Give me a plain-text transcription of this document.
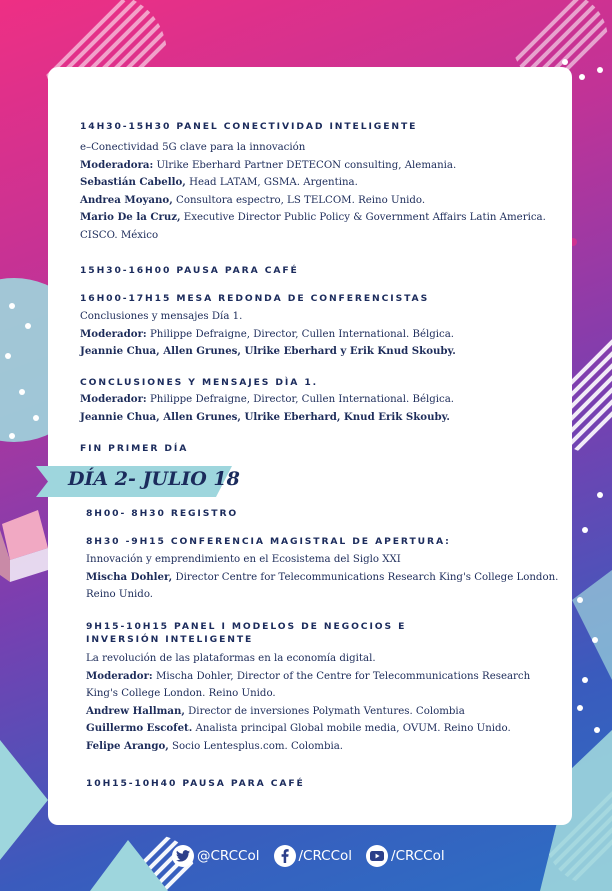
14H30-15H30 PANEL CONECTIVIDAD INTELIGENTE
e–Conectividad 5G clave para la innovación
Moderadora: Ulrike Eberhard Partner DETECON consulting, Alemania.
Sebastián Cabello, Head LATAM, GSMA. Argentina.
Andrea Moyano, Consultora espectro, LS TELCOM. Reino Unido.
Mario De la Cruz, Executive Director Public Policy & Government Affairs Latin America.
CISCO. México
15H30-16H00 PAUSA PARA CAFÉ
16H00-17H15 MESA REDONDA DE CONFERENCISTAS
Conclusiones y mensajes Día 1.
Moderador: Philippe Defraigne, Director, Cullen International. Bélgica.
Jeannie Chua, Allen Grunes, Ulrike Eberhard y Erik Knud Skouby.
CONCLUSIONES Y MENSAJES DÌA 1.
Moderador: Philippe Defraigne, Director, Cullen International. Bélgica.
Jeannie Chua, Allen Grunes, Ulrike Eberhard, Knud Erik Skouby.
FIN PRIMER DÍA
DÍA 2- JULIO 18
8H00- 8H30 REGISTRO
8H30 -9H15 CONFERENCIA MAGISTRAL DE APERTURA:
Innovación y emprendimiento en el Ecosistema del Siglo XXI
Mischa Dohler, Director Centre for Telecommunications Research King's College London.
Reino Unido.
9H15-10H15 PANEL I MODELOS DE NEGOCIOS E
INVERSIÓN INTELIGENTE
La revolución de las plataformas en la economía digital.
Moderador: Mischa Dohler, Director of the Centre for Telecommunications Research
King's College London. Reino Unido.
Andrew Hallman, Director de inversiones Polymath Ventures. Colombia
Guillermo Escofet. Analista principal Global mobile media, OVUM. Reino Unido.
Felipe Arango, Socio Lentesplus.com. Colombia.
10H15-10H40 PAUSA PARA CAFÉ
@CRCCol	/CRCCol	/CRCCol
